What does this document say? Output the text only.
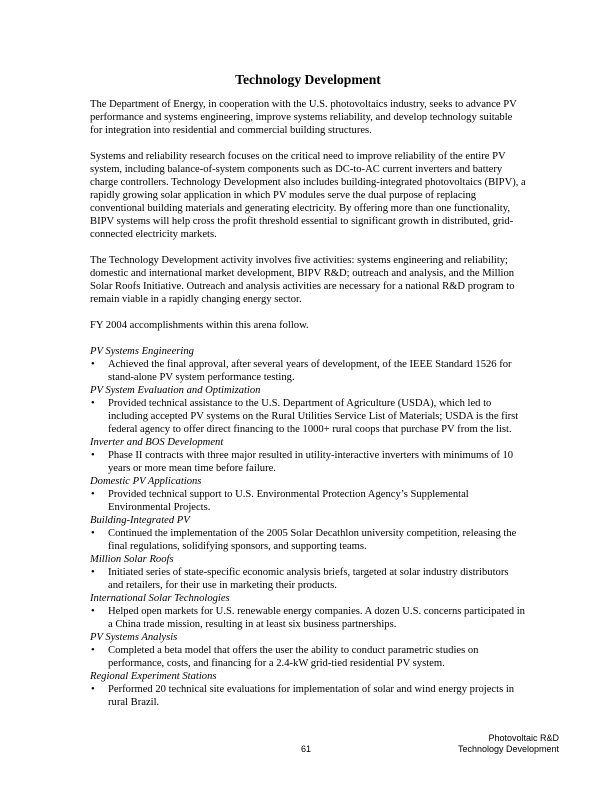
Technology Development

The Department of Energy, in cooperation with the U.S. photovoltaics industry, seeks to advance PV performance and systems engineering, improve systems reliability, and develop technology suitable for integration into residential and commercial building structures.

Systems and reliability research focuses on the critical need to improve reliability of the entire PV system, including balance-of-system components such as DC-to-AC current inverters and battery charge controllers. Technology Development also includes building-integrated photovoltaics (BIPV), a rapidly growing solar application in which PV modules serve the dual purpose of replacing conventional building materials and generating electricity. By offering more than one functionality, BIPV systems will help cross the profit threshold essential to significant growth in distributed, grid-connected electricity markets.

The Technology Development activity involves five activities: systems engineering and reliability; domestic and international market development, BIPV R&D; outreach and analysis, and the Million Solar Roofs Initiative. Outreach and analysis activities are necessary for a national R&D program to remain viable in a rapidly changing energy sector.

FY 2004 accomplishments within this arena follow.

PV Systems Engineering

• Achieved the final approval, after several years of development, of the IEEE Standard 1526 for stand-alone PV system performance testing.

PV System Evaluation and Optimization

• Provided technical assistance to the U.S. Department of Agriculture (USDA), which led to including accepted PV systems on the Rural Utilities Service List of Materials; USDA is the first federal agency to offer direct financing to the 1000+ rural coops that purchase PV from the list.

Inverter and BOS Development

• Phase II contracts with three major resulted in utility-interactive inverters with minimums of 10 years or more mean time before failure.

Domestic PV Applications

• Provided technical support to U.S. Environmental Protection Agency’s Supplemental Environmental Projects.

Building-Integrated PV

• Continued the implementation of the 2005 Solar Decathlon university competition, releasing the final regulations, solidifying sponsors, and supporting teams.

Million Solar Roofs

• Initiated series of state-specific economic analysis briefs, targeted at solar industry distributors and retailers, for their use in marketing their products.

International Solar Technologies

• Helped open markets for U.S. renewable energy companies. A dozen U.S. concerns participated in a China trade mission, resulting in at least six business partnerships.

PV Systems Analysis

• Completed a beta model that offers the user the ability to conduct parametric studies on performance, costs, and financing for a 2.4-kW grid-tied residential PV system.

Regional Experiment Stations

• Performed 20 technical site evaluations for implementation of solar and wind energy projects in rural Brazil.

Photovoltaic R&D
Technology Development
61
